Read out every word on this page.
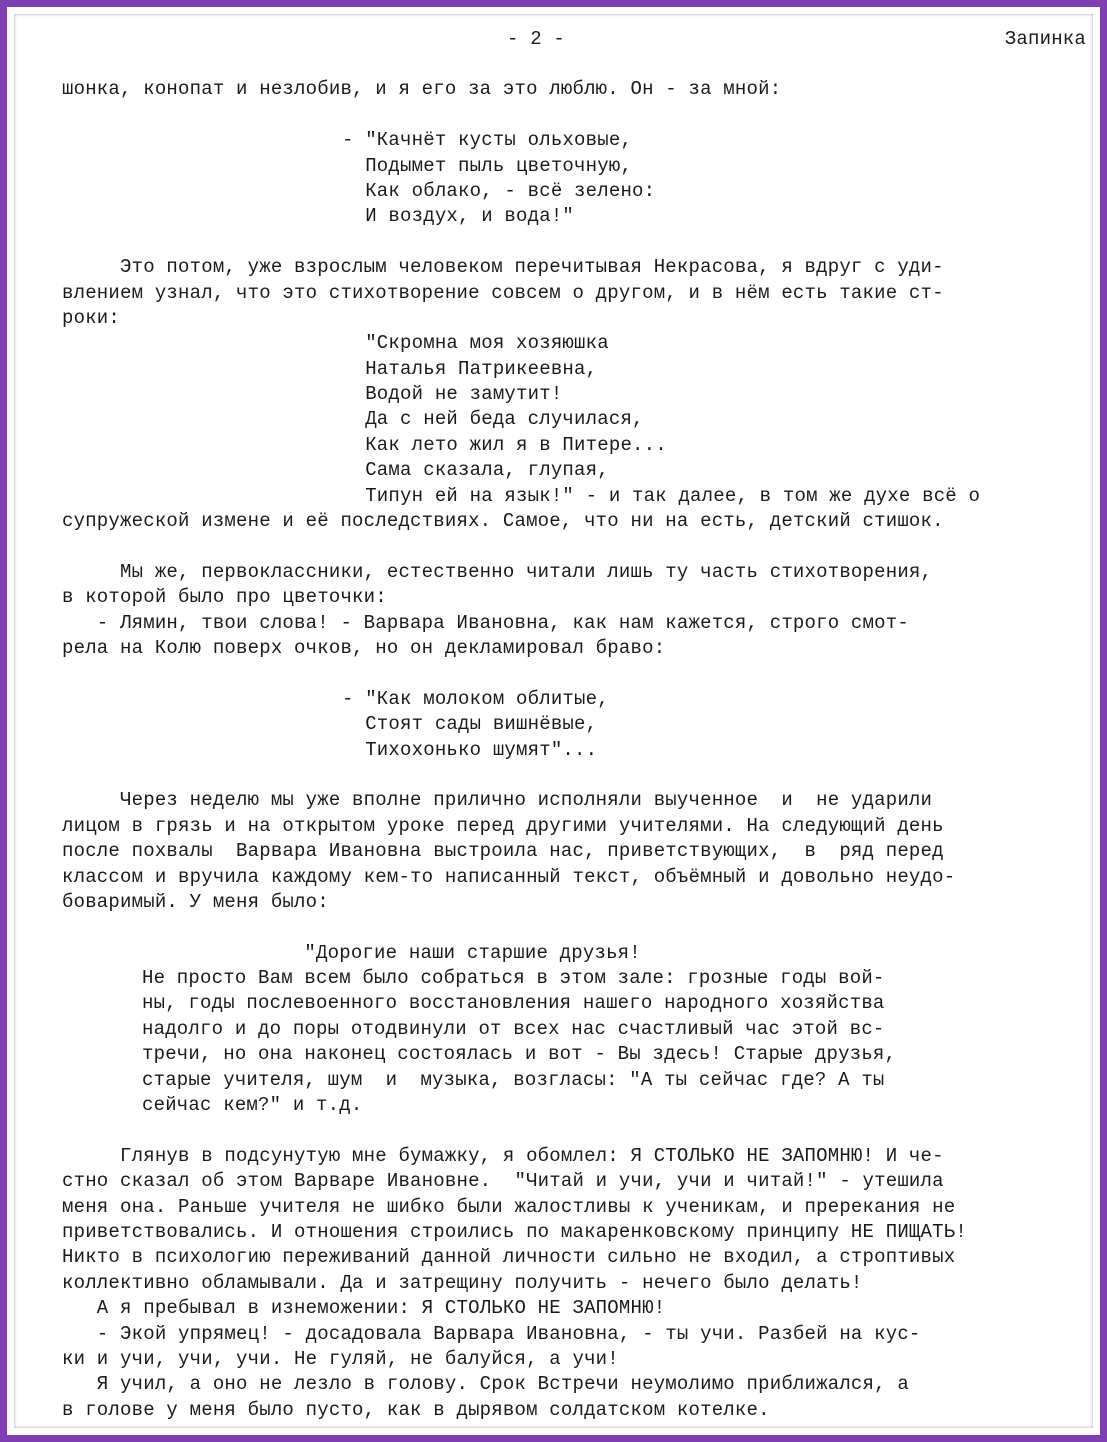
- 2 -	Запинка
шонка, конопат и незлобив, и я его за это люблю. Он - за мной:
- "Качнёт кусты ольховые,
Подымет пыль цветочную,
Как облако, - всё зелено:
И воздух, и вода!"
Это потом, уже взрослым человеком перечитывая Некрасова, я вдруг с уди-
влением узнал, что это стихотворение совсем о другом, и в нём есть такие ст-
роки:
"Скромна моя хозяюшка
Наталья Патрикеевна,
Водой не замутит!
Да с ней беда случилася,
Как лето жил я в Питере...
Сама сказала, глупая,
Типун ей на язык!" - и так далее, в том же духе всё о
супружеской измене и её последствиях. Самое, что ни на есть, детский стишок.
Мы же, первоклассники, естественно читали лишь ту часть стихотворения,
в которой было про цветочки:
- Лямин, твои слова! - Варвара Ивановна, как нам кажется, строго смот-
рела на Колю поверх очков, но он декламировал браво:
- "Как молоком облитые,
Стоят сады вишнёвые,
Тихохонько шумят"...
Через неделю мы уже вполне прилично исполняли выученное  и  не ударили
лицом в грязь и на открытом уроке перед другими учителями. На следующий день
после похвалы  Варвара Ивановна выстроила нас, приветствующих,  в  ряд перед
классом и вручила каждому кем-то написанный текст, объёмный и довольно неудо-
боваримый. У меня было:
"Дорогие наши старшие друзья!
Не просто Вам всем было собраться в этом зале: грозные годы вой-
ны, годы послевоенного восстановления нашего народного хозяйства
надолго и до поры отодвинули от всех нас счастливый час этой вс-
тречи, но она наконец состоялась и вот - Вы здесь! Старые друзья,
старые учителя, шум  и  музыка, возгласы: "А ты сейчас где? А ты
сейчас кем?" и т.д.
Глянув в подсунутую мне бумажку, я обомлел: Я СТОЛЬКО НЕ ЗАПОМНЮ! И че-
стно сказал об этом Варваре Ивановне.  "Читай и учи, учи и читай!" - утешила
меня она. Раньше учителя не шибко были жалостливы к ученикам, и пререкания не
приветствовались. И отношения строились по макаренковскому принципу НЕ ПИЩАТЬ!
Никто в психологию переживаний данной личности сильно не входил, а строптивых
коллективно обламывали. Да и затрещину получить - нечего было делать!
А я пребывал в изнеможении: Я СТОЛЬКО НЕ ЗАПОМНЮ!
- Экой упрямец! - досадовала Варвара Ивановна, - ты учи. Разбей на кус-
ки и учи, учи, учи. Не гуляй, не балуйся, а учи!
Я учил, а оно не лезло в голову. Срок Встречи неумолимо приближался, а
в голове у меня было пусто, как в дырявом солдатском котелке.
